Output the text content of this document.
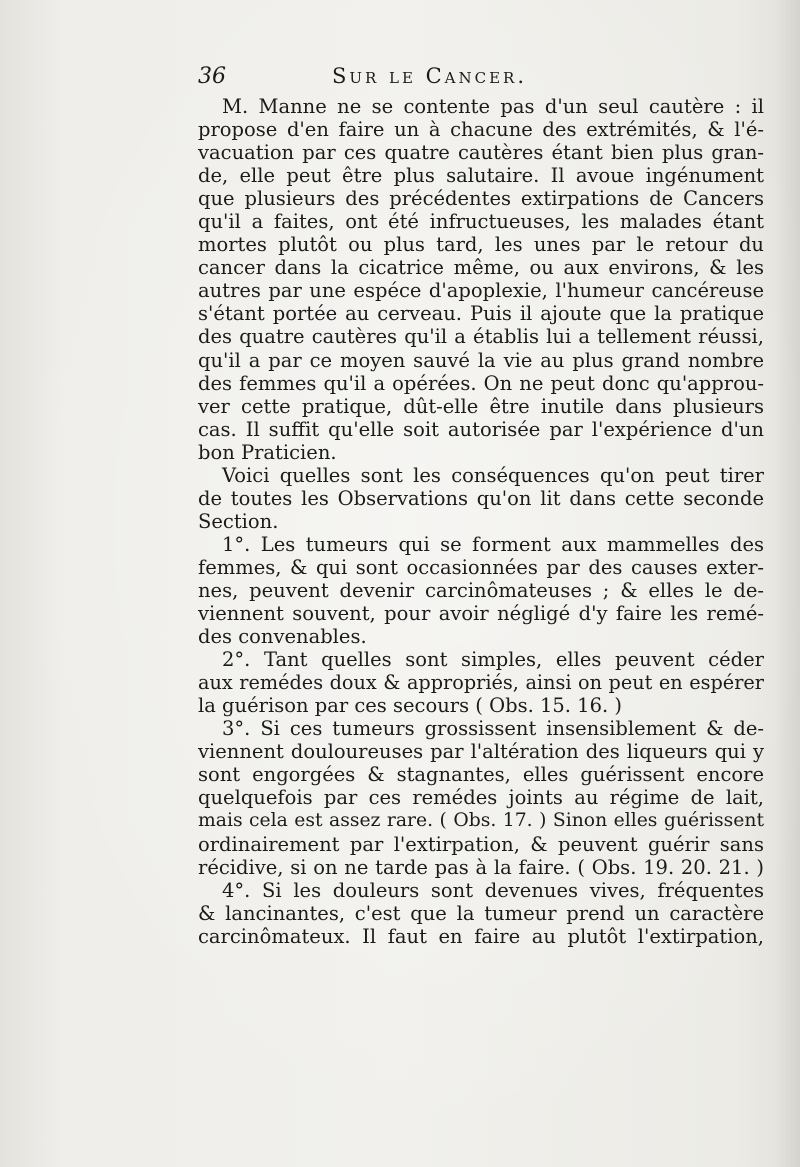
36	Sur le Cancer.
M. Manne ne se contente pas d'un seul cautère : il
propose d'en faire un à chacune des extrémités, & l'é-
vacuation par ces quatre cautères étant bien plus gran-
de, elle peut être plus salutaire. Il avoue ingénument
que plusieurs des précédentes extirpations de Cancers
qu'il a faites, ont été infructueuses, les malades étant
mortes plutôt ou plus tard, les unes par le retour du
cancer dans la cicatrice même, ou aux environs, & les
autres par une espéce d'apoplexie, l'humeur cancéreuse
s'étant portée au cerveau. Puis il ajoute que la pratique
des quatre cautères qu'il a établis lui a tellement réussi,
qu'il a par ce moyen sauvé la vie au plus grand nombre
des femmes qu'il a opérées. On ne peut donc qu'approu-
ver cette pratique, dût-elle être inutile dans plusieurs
cas. Il suffit qu'elle soit autorisée par l'expérience d'un
bon Praticien.
Voici quelles sont les conséquences qu'on peut tirer
de toutes les Observations qu'on lit dans cette seconde
Section.
1°. Les tumeurs qui se forment aux mammelles des
femmes, & qui sont occasionnées par des causes exter-
nes, peuvent devenir carcinômateuses ; & elles le de-
viennent souvent, pour avoir négligé d'y faire les remé-
des convenables.
2°. Tant quelles sont simples, elles peuvent céder
aux remédes doux & appropriés, ainsi on peut en espérer
la guérison par ces secours ( Obs. 15. 16. )
3°. Si ces tumeurs grossissent insensiblement & de-
viennent douloureuses par l'altération des liqueurs qui y
sont engorgées & stagnantes, elles guérissent encore
quelquefois par ces remédes joints au régime de lait,
mais cela est assez rare. ( Obs. 17. ) Sinon elles guérissent
ordinairement par l'extirpation, & peuvent guérir sans
récidive, si on ne tarde pas à la faire. ( Obs. 19. 20. 21. )
4°. Si les douleurs sont devenues vives, fréquentes
& lancinantes, c'est que la tumeur prend un caractère
carcinômateux. Il faut en faire au plutôt l'extirpation,
